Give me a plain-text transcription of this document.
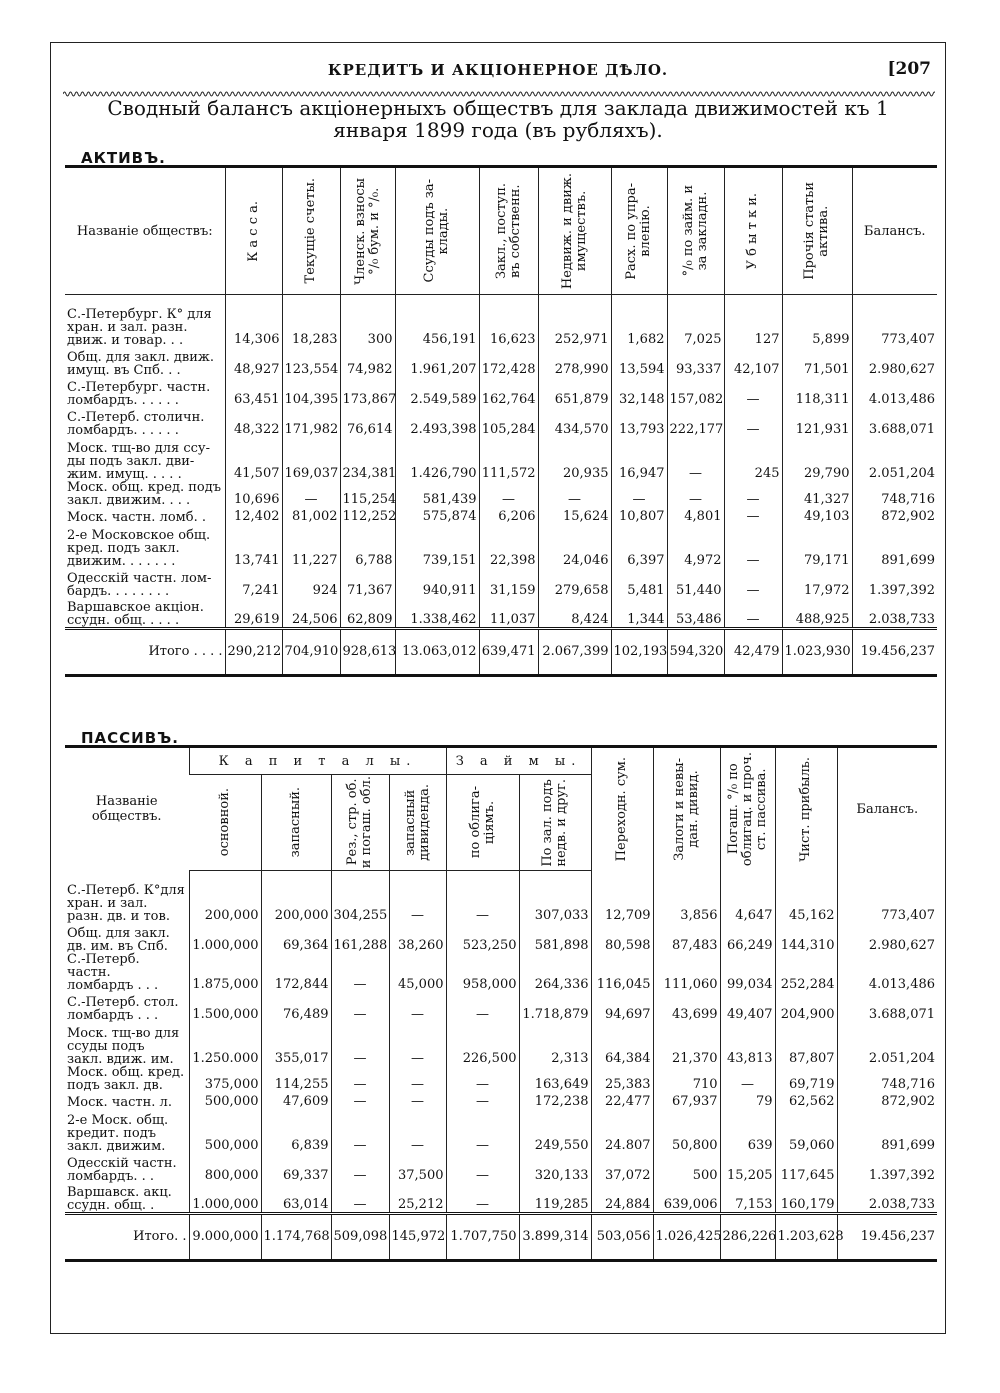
КРЕДИТЪ И АКЦІОНЕРНОЕ ДѢЛО.	[207
Сводный балансъ акціонерныхъ обществъ для заклада движимостей къ 1 января 1899 года (въ рубляхъ).
АКТИВЪ.
Названіе обществъ:	К а с с а.	Текущіе счеты.	Членск. взносы
°/₀ бум. и °/₀.	Ссуды подъ за-
клады.	Закл., поступ.
въ собственн.	Недвиж. и движ.
имуществъ.	Расх. по упра-
вленію.	°/₀ по займ. и
за закладн.	У б ы т к и.	Прочія статьи
актива.	Балансъ.

С.-Петербург. К° для
хран. и зал. разн.
движ. и товар. . .	14,306	18,283	300	456,191	16,623	252,971	1,682	7,025	127	5,899	773,407
Общ. для закл. движ.
имущ. въ Спб. . .	48,927	123,554	74,982	1.961,207	172,428	278,990	13,594	93,337	42,107	71,501	2.980,627
С.-Петербург. частн.
ломбардъ. . . . . .	63,451	104,395	173,867	2.549,589	162,764	651,879	32,148	157,082	—	118,311	4.013,486
С.-Петерб. столичн.
ломбардъ. . . . . .	48,322	171,982	76,614	2.493,398	105,284	434,570	13,793	222,177	—	121,931	3.688,071
Моск. тщ-во для ссу-
ды подъ закл. дви-
жим. имущ. . . . .	41,507	169,037	234,381	1.426,790	111,572	20,935	16,947	—	245	29,790	2.051,204
Моск. общ. кред. подъ
закл. движим. . . .	10,696	—	115,254	581,439	—	—	—	—	—	41,327	748,716
Моск. частн. ломб. .	12,402	81,002	112,252	575,874	6,206	15,624	10,807	4,801	—	49,103	872,902
2-е Московское общ.
кред. подъ закл.
движим. . . . . . .	13,741	11,227	6,788	739,151	22,398	24,046	6,397	4,972	—	79,171	891,699
Одесскій частн. лом-
бардъ. . . . . . . .	7,241	924	71,367	940,911	31,159	279,658	5,481	51,440	—	17,972	1.397,392
Варшавское акціон.
ссудн. общ. . . . .	29,619	24,506	62,809	1.338,462	11,037	8,424	1,344	53,486	—	488,925	2.038,733
Итого . . . .	290,212	704,910	928,613	13.063,012	639,471	2.067,399	102,193	594,320	42,479	1.023,930	19.456,237
ПАССИВЪ.
Названіе
обществъ.	К а п и т а л ы.				З а й м ы.		Переходн. сум.	Залоги и невы-
дан. дивид.	Погаш. °/₀ по
облигац. и проч.
ст. пассива.	Чист. прибыль.	Балансъ.

	основной.	запасный.	Рез., стр. об.
и погаш. обл.	запасный
дивиденда.	по облига-
ціямъ.	По зал. подъ
недв. и друг.					

С.-Петерб. К°для
хран. и зал.
разн. дв. и тов.	200,000	200,000	304,255	—	—	307,033	12,709	3,856	4,647	45,162	773,407
Общ. для закл.
дв. им. въ Спб.	1.000,000	69,364	161,288	38,260	523,250	581,898	80,598	87,483	66,249	144,310	2.980,627
С.-Петерб. частн.
ломбардъ . . .	1.875,000	172,844	—	45,000	958,000	264,336	116,045	111,060	99,034	252,284	4.013,486
С.-Петерб. стол.
ломбардъ . . .	1.500,000	76,489	—	—	—	1.718,879	94,697	43,699	49,407	204,900	3.688,071
Моск. тщ-во для
ссуды подъ
закл. вдиж. им.	1.250.000	355,017	—	—	226,500	2,313	64,384	21,370	43,813	87,807	2.051,204
Моск. общ. кред.
подъ закл. дв.	375,000	114,255	—	—	—	163,649	25,383	710	—	69,719	748,716
Моск. частн. л.	500,000	47,609	—	—	—	172,238	22,477	67,937	79	62,562	872,902
2-е Моск. общ.
кредит. подъ
закл. движим.	500,000	6,839	—	—	—	249,550	24.807	50,800	639	59,060	891,699
Одесскій частн.
ломбардъ. . .	800,000	69,337	—	37,500	—	320,133	37,072	500	15,205	117,645	1.397,392
Варшавск. акц.
ссудн. общ. .	1.000,000	63,014	—	25,212	—	119,285	24,884	639,006	7,153	160,179	2.038,733
Итого. .	9.000,000	1.174,768	509,098	145,972	1.707,750	3.899,314	503,056	1.026,425	286,226	1.203,628	19.456,237
